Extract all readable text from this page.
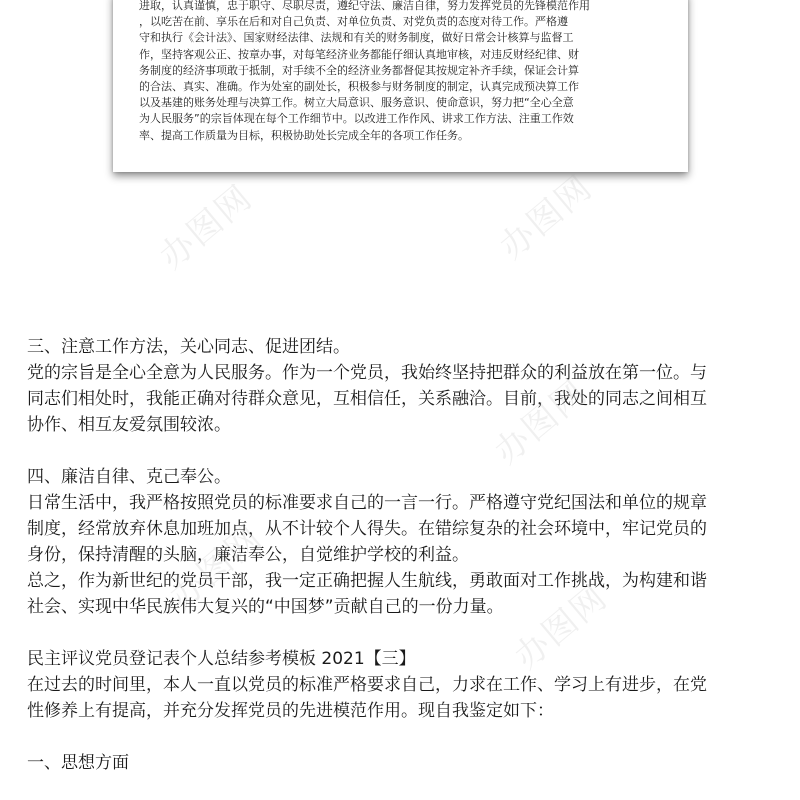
进取，认真谨慎，忠于职守、尽职尽责，遵纪守法、廉洁自律，努力发挥党员的先锋模范作用
，以吃苦在前、享乐在后和对自己负责、对单位负责、对党负责的态度对待工作。严格遵
守和执行《会计法》、国家财经法律、法规和有关的财务制度，做好日常会计核算与监督工
作，坚持客观公正、按章办事，对每笔经济业务都能仔细认真地审核，对违反财经纪律、财
务制度的经济事项敢于抵制，对手续不全的经济业务都督促其按规定补齐手续，保证会计算
的合法、真实、准确。作为处室的副处长，积极参与财务制度的制定，认真完成预决算工作
以及基建的账务处理与决算工作。树立大局意识、服务意识、使命意识，努力把“全心全意
为人民服务”的宗旨体现在每个工作细节中。以改进工作作风、讲求工作方法、注重工作效
率、提高工作质量为目标，积极协助处长完成全年的各项工作任务。
三、注意工作方法，关心同志、促进团结。
党的宗旨是全心全意为人民服务。作为一个党员，我始终坚持把群众的利益放在第一位。与
同志们相处时，我能正确对待群众意见，互相信任，关系融洽。目前，我处的同志之间相互
协作、相互友爱氛围较浓。
四、廉洁自律、克己奉公。
日常生活中，我严格按照党员的标准要求自己的一言一行。严格遵守党纪国法和单位的规章
制度，经常放弃休息加班加点，从不计较个人得失。在错综复杂的社会环境中，牢记党员的
身份，保持清醒的头脑，廉洁奉公，自觉维护学校的利益。
总之，作为新世纪的党员干部，我一定正确把握人生航线，勇敢面对工作挑战，为构建和谐
社会、实现中华民族伟大复兴的“中国梦”贡献自己的一份力量。
民主评议党员登记表个人总结参考模板 2021【三】
在过去的时间里，本人一直以党员的标准严格要求自己，力求在工作、学习上有进步，在党
性修养上有提高，并充分发挥党员的先进模范作用。现自我鉴定如下：
一、思想方面
办图网	办图网
办图网
办图网
办图网
